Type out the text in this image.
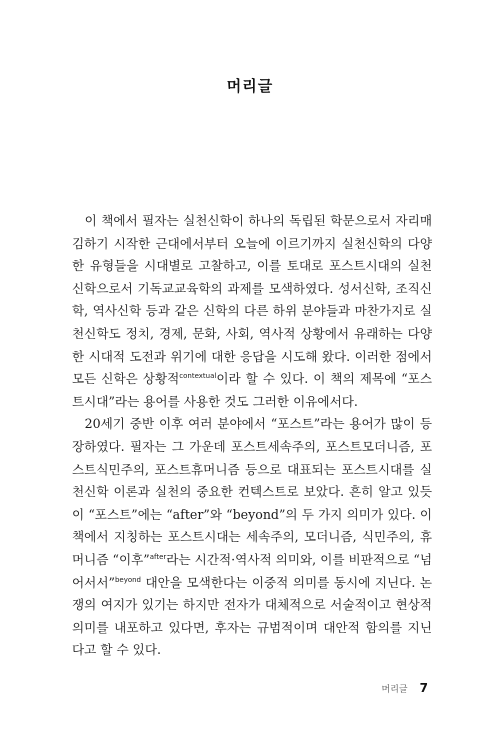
머리글

이 책에서 필자는 실천신학이 하나의 독립된 학문으로서 자리매김하기 시작한 근대에서부터 오늘에 이르기까지 실천신학의 다양한 유형들을 시대별로 고찰하고, 이를 토대로 포스트시대의 실천신학으로서 기독교교육학의 과제를 모색하였다. 성서신학, 조직신학, 역사신학 등과 같은 신학의 다른 하위 분야들과 마찬가지로 실천신학도 정치, 경제, 문화, 사회, 역사적 상황에서 유래하는 다양한 시대적 도전과 위기에 대한 응답을 시도해 왔다. 이러한 점에서 모든 신학은 상황적$^{contextual}$이라 할 수 있다. 이 책의 제목에 “포스트시대”라는 용어를 사용한 것도 그러한 이유에서다.

20세기 중반 이후 여러 분야에서 “포스트”라는 용어가 많이 등장하였다. 필자는 그 가운데 포스트세속주의, 포스트모더니즘, 포스트식민주의, 포스트휴머니즘 등으로 대표되는 포스트시대를 실천신학 이론과 실천의 중요한 컨텍스트로 보았다. 흔히 알고 있듯이 “포스트”에는 “after”와 “beyond”의 두 가지 의미가 있다. 이 책에서 지칭하는 포스트시대는 세속주의, 모더니즘, 식민주의, 휴머니즘 “이후”$^{after}$라는 시간적·역사적 의미와, 이를 비판적으로 “넘어서서”$^{beyond}$ 대안을 모색한다는 이중적 의미를 동시에 지닌다. 논쟁의 여지가 있기는 하지만 전자가 대체적으로 서술적이고 현상적 의미를 내포하고 있다면, 후자는 규범적이며 대안적 함의를 지닌다고 할 수 있다.

머리글 7
